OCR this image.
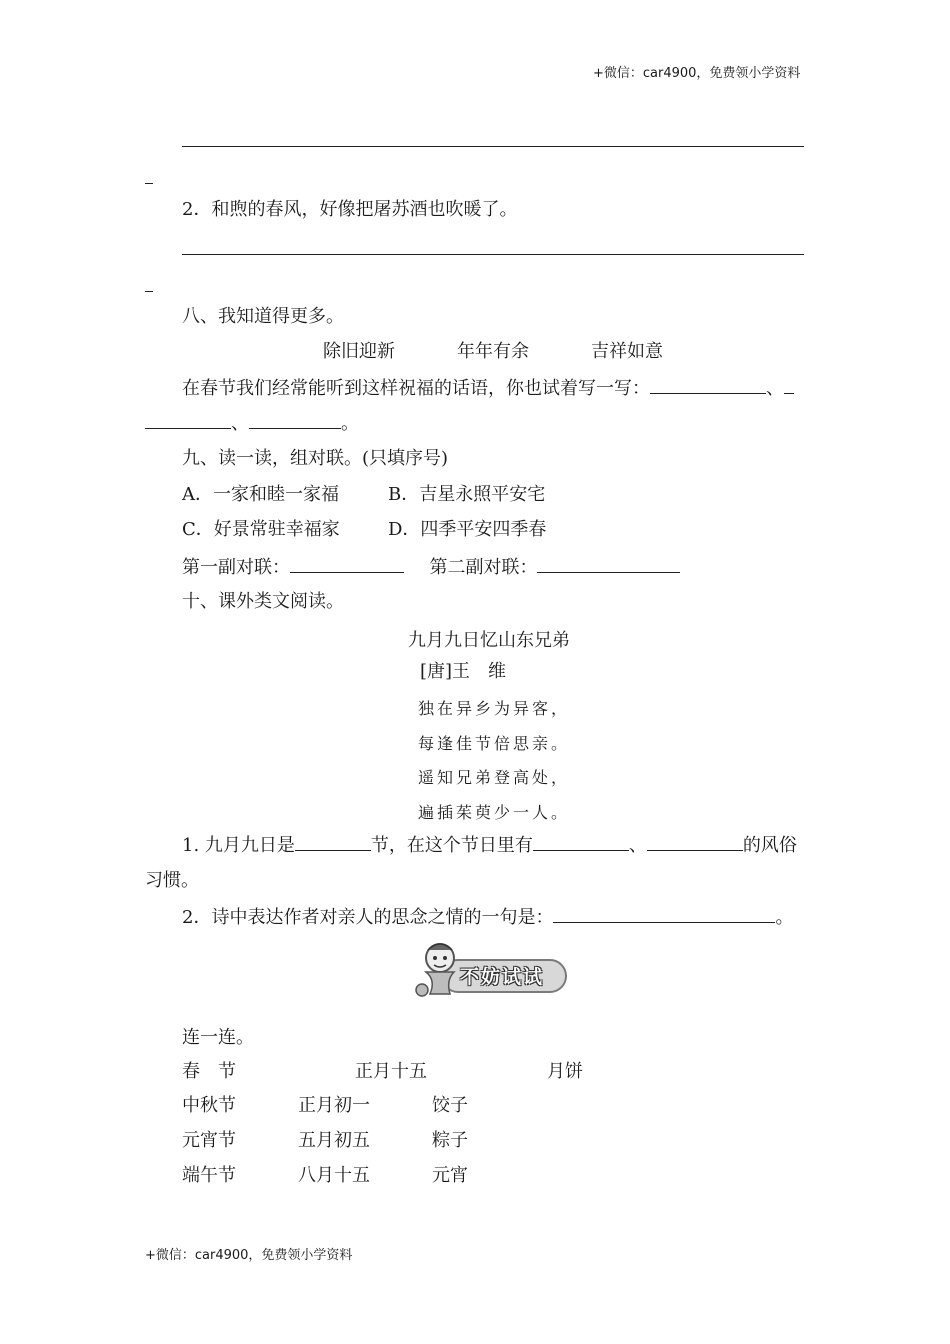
+微信：car4900，免费领小学资料
2．和煦的春风，好像把屠苏酒也吹暖了。
八、我知道得更多。
除旧迎新	年年有余	吉祥如意
在春节我们经常能听到这样祝福的话语，你也试着写一写：	、
、	。
九、读一读，组对联。(只填序号)
A．一家和睦一家福	B．吉星永照平安宅
C．好景常驻幸福家	D．四季平安四季春
第一副对联：	第二副对联：
十、课外类文阅读。
九月九日忆山东兄弟
[唐]王　维
独在异乡为异客，
每逢佳节倍思亲。
遥知兄弟登高处，
遍插茱萸少一人。
1. 九月九日是	节，在这个节日里有	、	的风俗
习惯。
2．诗中表达作者对亲人的思念之情的一句是：	。
不妨试试
连一连。
春　节	正月十五	月饼
中秋节	正月初一	饺子
元宵节	五月初五	粽子
端午节	八月十五	元宵
+微信：car4900，免费领小学资料
